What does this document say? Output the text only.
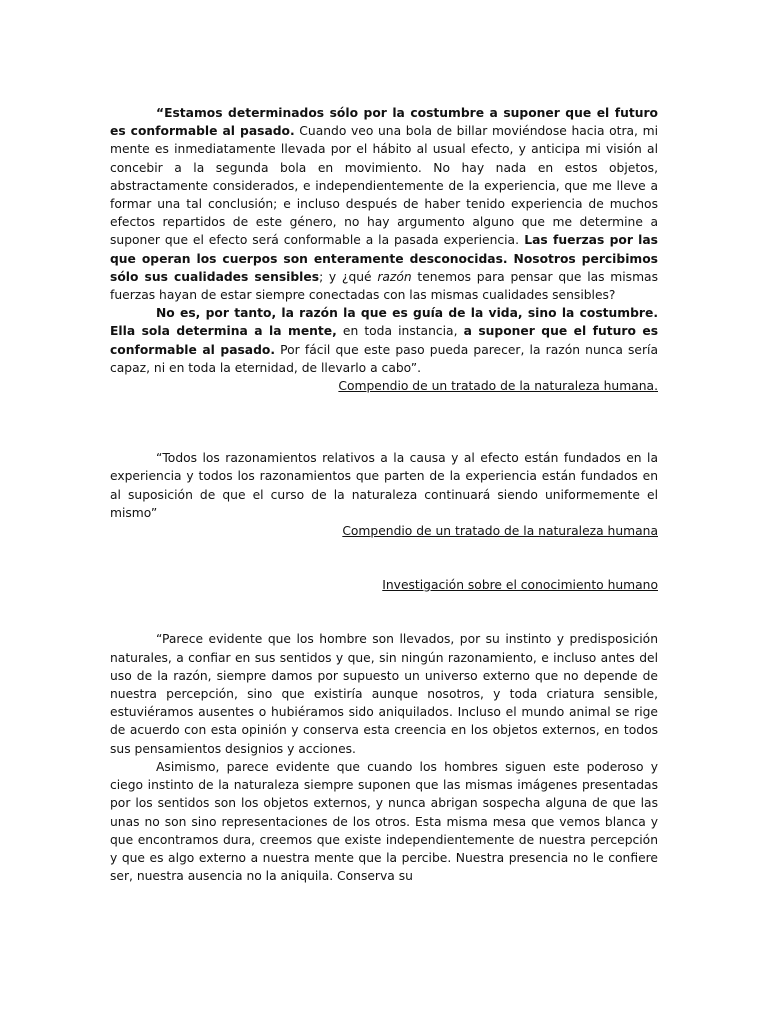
“Estamos determinados sólo por la costumbre a suponer que el futuro es conformable al pasado. Cuando veo una bola de billar moviéndose hacia otra, mi mente es inmediatamente llevada por el hábito al usual efecto, y anticipa mi visión al concebir a la segunda bola en movimiento. No hay nada en estos objetos, abstractamente considerados, e independientemente de la experiencia, que me lleve a formar una tal conclusión; e incluso después de haber tenido experiencia de muchos efectos repartidos de este género, no hay argumento alguno que me determine a suponer que el efecto será conformable a la pasada experiencia. Las fuerzas por las que operan los cuerpos son enteramente desconocidas. Nosotros percibimos sólo sus cualidades sensibles; y ¿qué razón tenemos para pensar que las mismas fuerzas hayan de estar siempre conectadas con las mismas cualidades sensibles?

No es, por tanto, la razón la que es guía de la vida, sino la costumbre. Ella sola determina a la mente, en toda instancia, a suponer que el futuro es conformable al pasado. Por fácil que este paso pueda parecer, la razón nunca sería capaz, ni en toda la eternidad, de llevarlo a cabo”.

Compendio de un tratado de la naturaleza humana.

“Todos los razonamientos relativos a la causa y al efecto están fundados en la experiencia y todos los razonamientos que parten de la experiencia están fundados en al suposición de que el curso de la naturaleza continuará siendo uniformemente el mismo”

Compendio de un tratado de la naturaleza humana

Investigación sobre el conocimiento humano

“Parece evidente que los hombre son llevados, por su instinto y predisposición naturales, a confiar en sus sentidos y que, sin ningún razonamiento, e incluso antes del uso de la razón, siempre damos por supuesto un universo externo que no depende de nuestra percepción, sino que existiría aunque nosotros, y toda criatura sensible, estuviéramos ausentes o hubiéramos sido aniquilados. Incluso el mundo animal se rige de acuerdo con esta opinión y conserva esta creencia en los objetos externos, en todos sus pensamientos designios y acciones.

Asimismo, parece evidente que cuando los hombres siguen este poderoso y ciego instinto de la naturaleza siempre suponen que las mismas imágenes presentadas por los sentidos son los objetos externos, y nunca abrigan sospecha alguna de que las unas no son sino representaciones de los otros. Esta misma mesa que vemos blanca y que encontramos dura, creemos que existe independientemente de nuestra percepción y que es algo externo a nuestra mente que la percibe. Nuestra presencia no le confiere ser, nuestra ausencia no la aniquila. Conserva su
